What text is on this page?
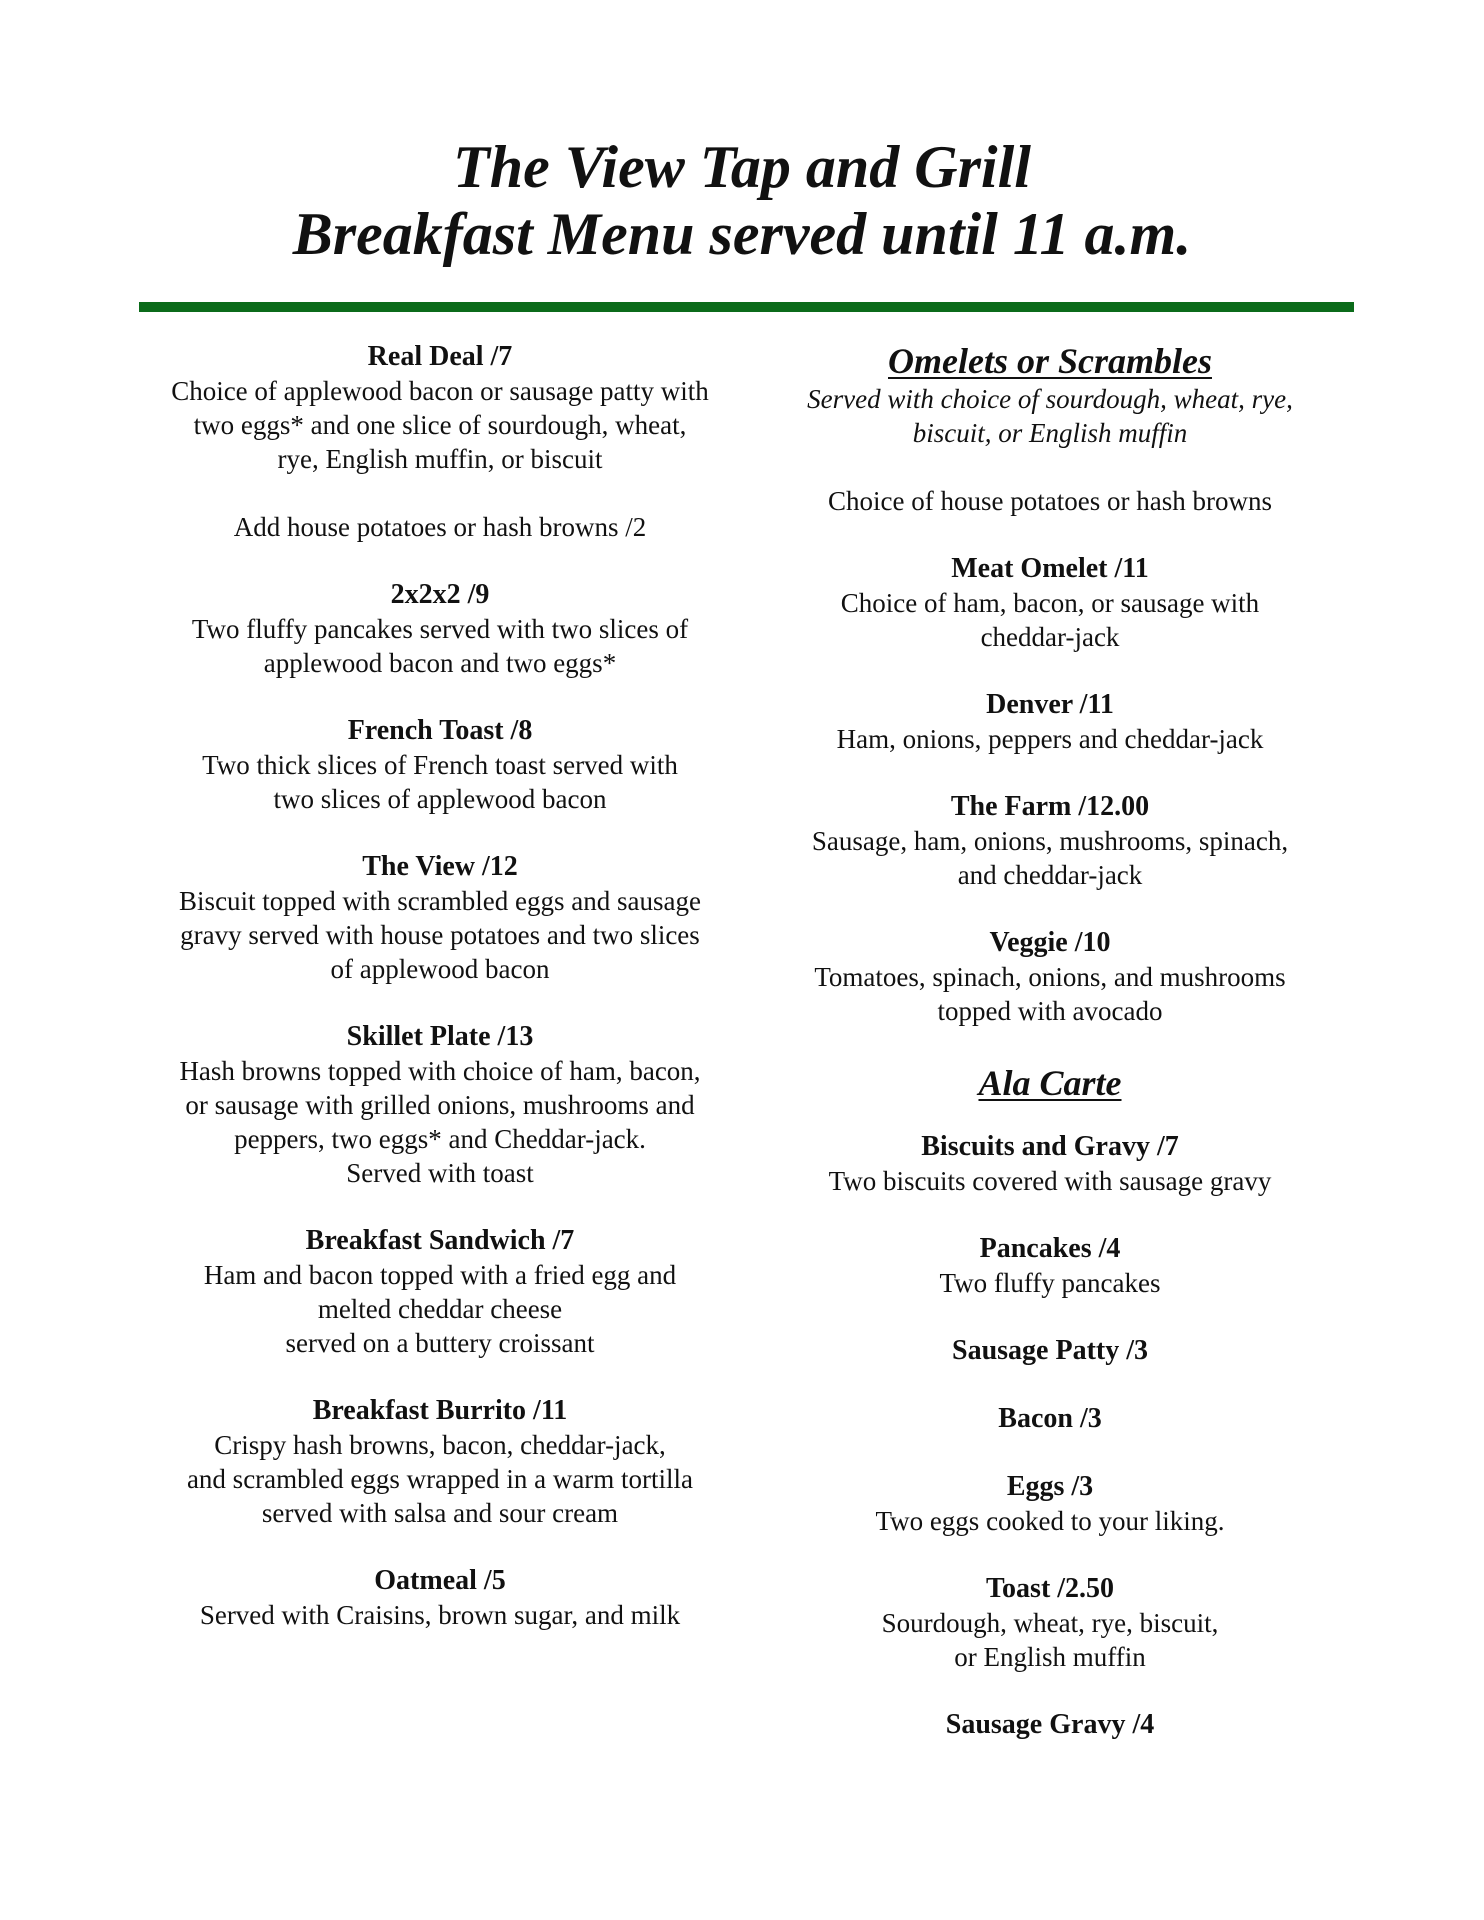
The View Tap and Grill

Breakfast Menu served until 11 a.m.

Real Deal /7

Choice of applewood bacon or sausage patty with
two eggs* and one slice of sourdough, wheat,
rye, English muffin, or biscuit
Add house potatoes or hash browns /2

2x2x2 /9

Two fluffy pancakes served with two slices of
applewood bacon and two eggs*

French Toast /8

Two thick slices of French toast served with
two slices of applewood bacon

The View /12

Biscuit topped with scrambled eggs and sausage
gravy served with house potatoes and two slices
of applewood bacon

Skillet Plate /13

Hash browns topped with choice of ham, bacon,
or sausage with grilled onions, mushrooms and
peppers, two eggs* and Cheddar-jack.
Served with toast

Breakfast Sandwich /7

Ham and bacon topped with a fried egg and
melted cheddar cheese
served on a buttery croissant

Breakfast Burrito /11

Crispy hash browns, bacon, cheddar-jack,
and scrambled eggs wrapped in a warm tortilla
served with salsa and sour cream

Oatmeal /5

Served with Craisins, brown sugar, and milk

Omelets or Scrambles

Served with choice of sourdough, wheat, rye,
biscuit, or English muffin

Choice of house potatoes or hash browns

Meat Omelet /11

Choice of ham, bacon, or sausage with
cheddar-jack

Denver /11

Ham, onions, peppers and cheddar-jack

The Farm /12.00

Sausage, ham, onions, mushrooms, spinach,
and cheddar-jack

Veggie /10

Tomatoes, spinach, onions, and mushrooms
topped with avocado

Ala Carte

Biscuits and Gravy /7

Two biscuits covered with sausage gravy

Pancakes /4

Two fluffy pancakes

Sausage Patty /3

Bacon /3

Eggs /3

Two eggs cooked to your liking.

Toast /2.50

Sourdough, wheat, rye, biscuit,
or English muffin

Sausage Gravy /4
